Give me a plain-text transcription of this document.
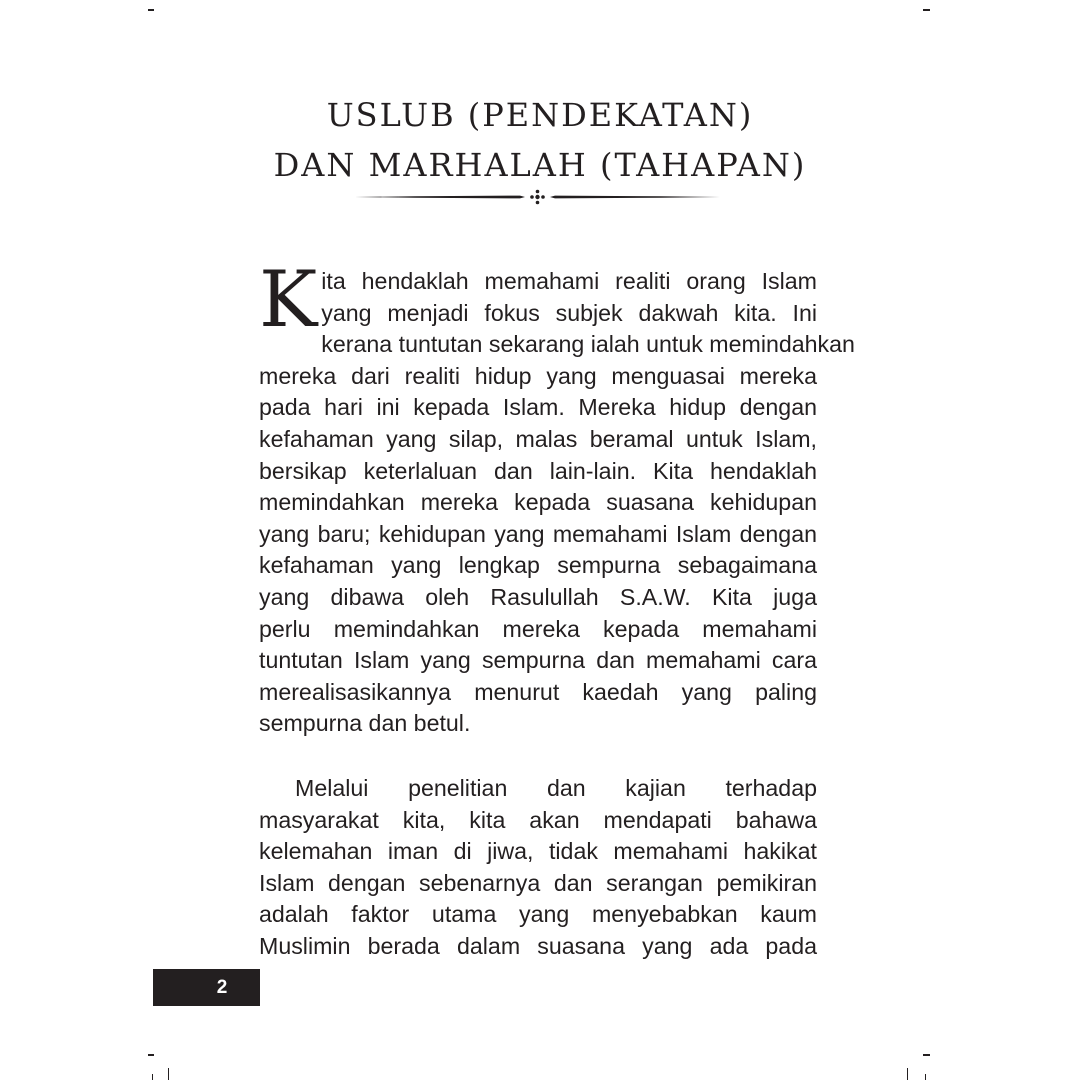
USLUB (PENDEKATAN)
DAN MARHALAH (TAHAPAN)
K ita hendaklah memahami realiti orang Islam
yang menjadi fokus subjek dakwah kita. Ini
kerana tuntutan sekarang ialah untuk memindahkan
mereka dari realiti hidup yang menguasai mereka
pada hari ini kepada Islam. Mereka hidup dengan
kefahaman yang silap, malas beramal untuk Islam,
bersikap keterlaluan dan lain-lain. Kita hendaklah
memindahkan mereka kepada suasana kehidupan
yang baru; kehidupan yang memahami Islam dengan
kefahaman yang lengkap sempurna sebagaimana
yang dibawa oleh Rasulullah S.A.W. Kita juga
perlu memindahkan mereka kepada memahami
tuntutan Islam yang sempurna dan memahami cara
merealisasikannya menurut kaedah yang paling
sempurna dan betul.
Melalui penelitian dan kajian terhadap
masyarakat kita, kita akan mendapati bahawa
kelemahan iman di jiwa, tidak memahami hakikat
Islam dengan sebenarnya dan serangan pemikiran
adalah faktor utama yang menyebabkan kaum
Muslimin berada dalam suasana yang ada pada
2
